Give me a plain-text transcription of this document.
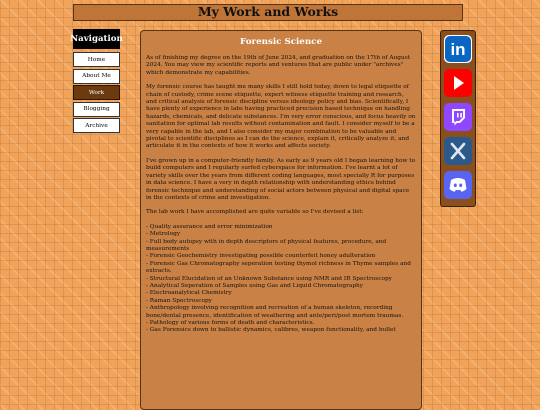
My Work and Works
Navigation
Home
About Me
Work
Blogging
Archive
Forensic Science

As of finishing my degree on the 19th of June 2024, and graduation on the 17th of August 2024. You may view my scientific reports and ventures that are public under "archives" which demonstrate my capabilities.

My forensic course has taught me many skills I still hold today, down to legal etiquette of chain of custody, crime scene etiquette, expert witness etiquette training and research, and critical analysis of forensic discipline versus ideology policy and bias. Scientifically, I have plenty of experience in labs having practiced precision based technique on handling hazards, chemicals, and delicate substances. I'm very error conscious, and focus heavily on sanitation for optimal lab results without contamination and fault. I consider myself to be a very capable in the lab, and I also consider my major combination to be valuable and pivotal to scientific disciplines as I can do the science, explain it, critically analyze it, and articulate it in the contexts of how it works and affects society.

I've grown up in a computer-friendly family. As early as 9 years old I began learning how to build computers and I regularly surfed cyberspace for information. I've learnt a lot of variety skills over the years from different coding languages, most specially R for purposes in data science. I have a very in depth relationship with understanding ethics behind forensic technique and understanding of social actors between physical and digital space in the contexts of crime and investigation.

The lab work I have accomplished are quite variable so I've devised a list:

- Quality assurance and error minimization
- Metrology
- Full body autopsy with in depth descriptors of physical features, procedure, and measurements
- Forensic Geochemistry investigating possible counterfeit honey adulteration
- Forensic Gas Chromatography seperation testing thymol richness in Thyme samples and extracts.
- Structural Elucidation of an Unknown Substance using NMR and IR Spectroscopy
- Analytical Seperation of Samples using Gas and Liquid Chromatography
- Electroanalytical Chemistry
- Raman Spectroscopy
- Anthropology involving recognition and recreation of a human skeleton, recording bone/dental presence, identification of weathering and ante/peri/post mortem traumas.
- Pathology of various forms of death and characteristics.
- Gas Forensics down to ballistic dynamics, calibres, weapon functionality, and bullet
in
